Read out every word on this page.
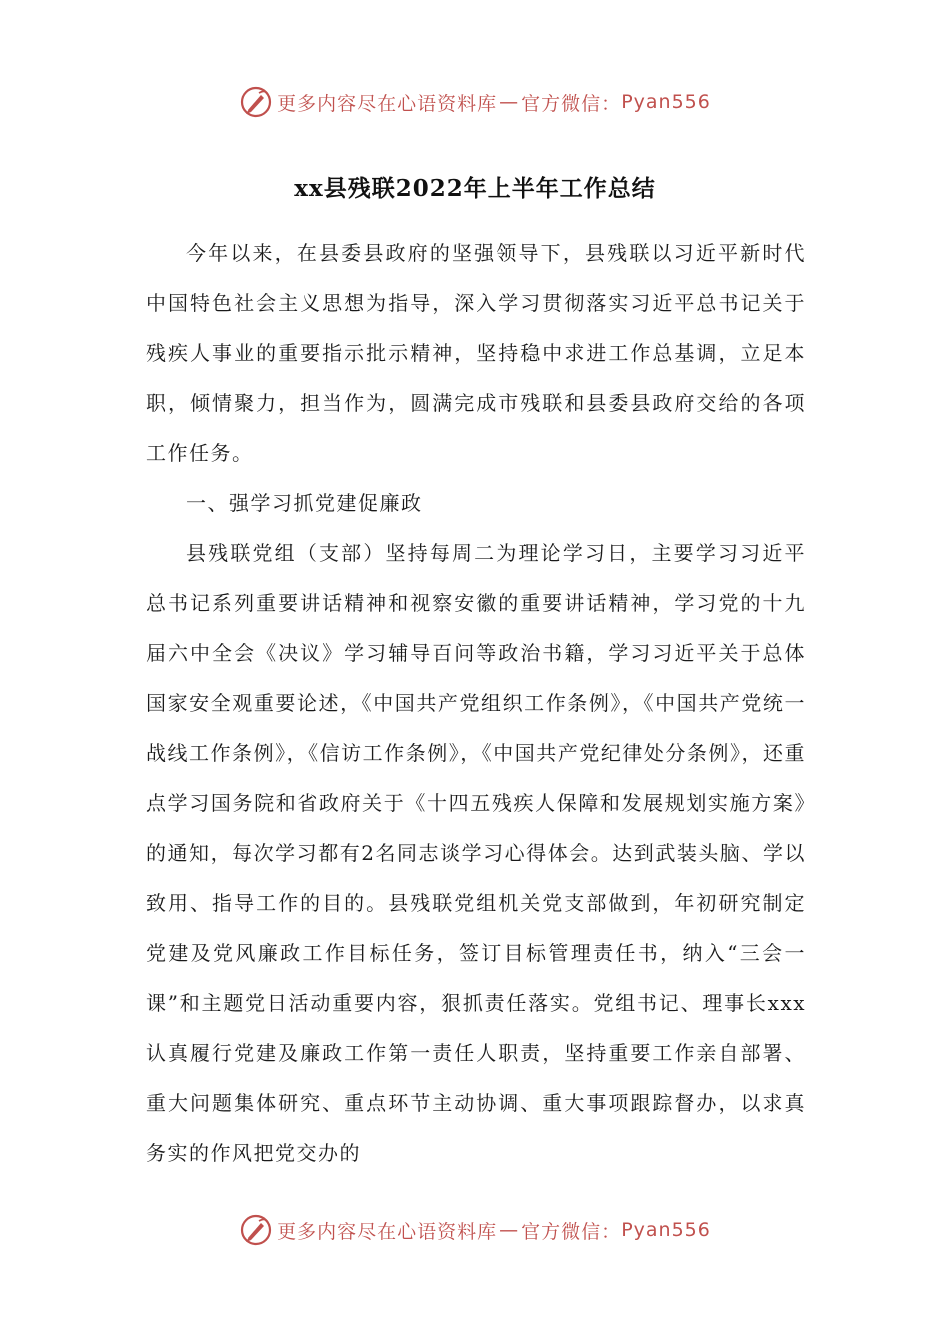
更多内容尽在心语资料库 — 官方微信： Pyan556
xx县残联2022年上半年工作总结

今年以来，在县委县政府的坚强领导下，县残联以习近平新时代中国特色社会主义思想为指导，深入学习贯彻落实习近平总书记关于残疾人事业的重要指示批示精神，坚持稳中求进工作总基调，立足本职，倾情聚力，担当作为，圆满完成市残联和县委县政府交给的各项工作任务。

一、强学习抓党建促廉政

县残联党组（支部）坚持每周二为理论学习日，主要学习习近平总书记系列重要讲话精神和视察安徽的重要讲话精神，学习党的十九届六中全会《决议》学习辅导百问等政治书籍，学习习近平关于总体国家安全观重要论述，《中国共产党组织工作条例》，《中国共产党统一战线工作条例》，《信访工作条例》，《中国共产党纪律处分条例》，还重点学习国务院和省政府关于《十四五残疾人保障和发展规划实施方案》的通知，每次学习都有2名同志谈学习心得体会。达到武装头脑、学以致用、指导工作的目的。县残联党组机关党支部做到，年初研究制定党建及党风廉政工作目标任务，签订目标管理责任书，纳入“三会一课”和主题党日活动重要内容，狠抓责任落实。党组书记、理事长xxx认真履行党建及廉政工作第一责任人职责，坚持重要工作亲自部署、重大问题集体研究、重点环节主动协调、重大事项跟踪督办，以求真务实的作风把党交办的

更多内容尽在心语资料库 — 官方微信： Pyan556
